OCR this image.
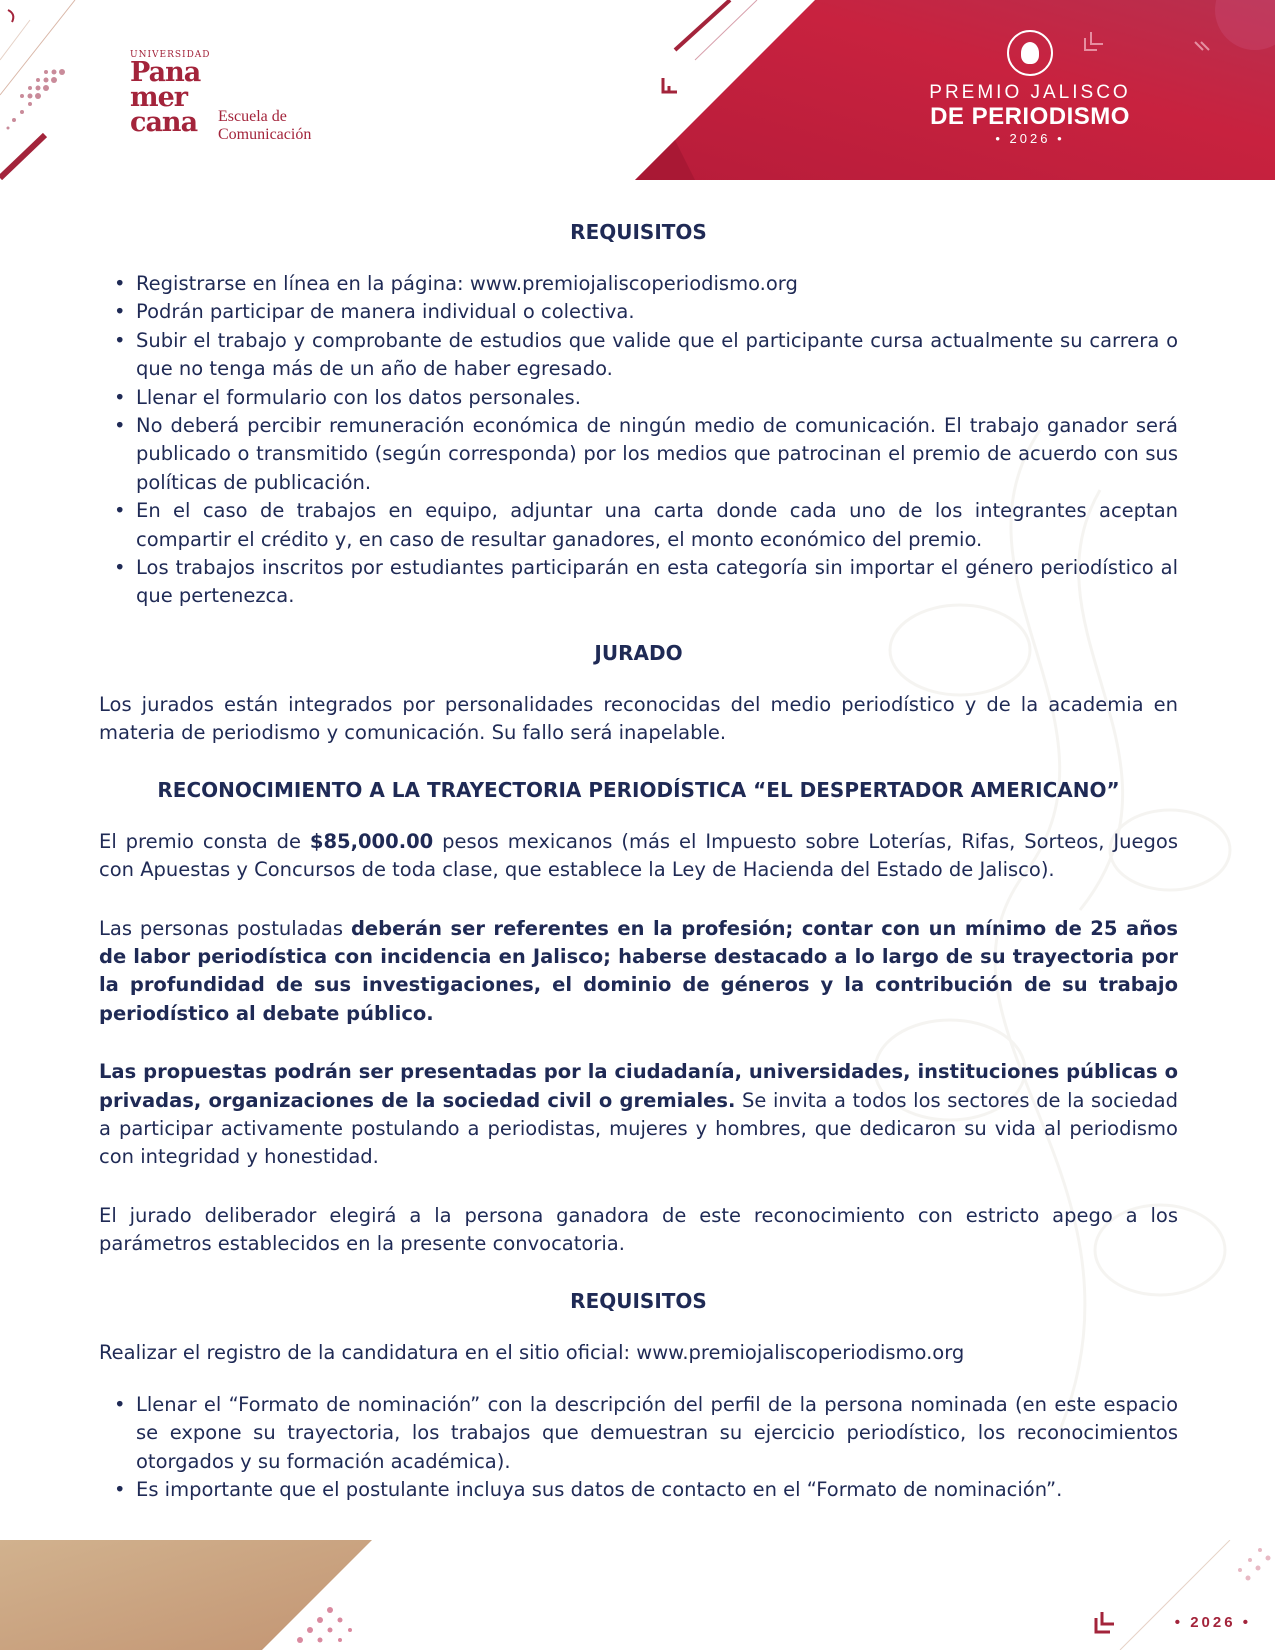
UNIVERSIDAD
Pana
mer
cana Escuela de
Comunicación
PREMIO JALISCO
DE PERIODISMO
• 2026 •
REQUISITOS
• Registrarse en línea en la página: www.premiojaliscoperiodismo.org
• Podrán participar de manera individual o colectiva.
• Subir el trabajo y comprobante de estudios que valide que el participante cursa actualmente su carrera o que no tenga más de un año de haber egresado.
• Llenar el formulario con los datos personales.
• No deberá percibir remuneración económica de ningún medio de comunicación. El trabajo ganador será publicado o transmitido (según corresponda) por los medios que patrocinan el premio de acuerdo con sus políticas de publicación.
• En el caso de trabajos en equipo, adjuntar una carta donde cada uno de los integrantes aceptan compartir el crédito y, en caso de resultar ganadores, el monto económico del premio.
• Los trabajos inscritos por estudiantes participarán en esta categoría sin importar el género periodístico al que pertenezca.
JURADO

Los jurados están integrados por personalidades reconocidas del medio periodístico y de la academia en materia de periodismo y comunicación. Su fallo será inapelable.

RECONOCIMIENTO A LA TRAYECTORIA PERIODÍSTICA “EL DESPERTADOR AMERICANO”

El premio consta de $85,000.00 pesos mexicanos (más el Impuesto sobre Loterías, Rifas, Sorteos, Juegos con Apuestas y Concursos de toda clase, que establece la Ley de Hacienda del Estado de Jalisco).

Las personas postuladas deberán ser referentes en la profesión; contar con un mínimo de 25 años de labor periodística con incidencia en Jalisco; haberse destacado a lo largo de su trayectoria por la profundidad de sus investigaciones, el dominio de géneros y la contribución de su trabajo periodístico al debate público.

Las propuestas podrán ser presentadas por la ciudadanía, universidades, instituciones públicas o privadas, organizaciones de la sociedad civil o gremiales. Se invita a todos los sectores de la sociedad a participar activamente postulando a periodistas, mujeres y hombres, que dedicaron su vida al periodismo con integridad y honestidad.

El jurado deliberador elegirá a la persona ganadora de este reconocimiento con estricto apego a los parámetros establecidos en la presente convocatoria.

REQUISITOS

Realizar el registro de la candidatura en el sitio oficial: www.premiojaliscoperiodismo.org

• Llenar el “Formato de nominación” con la descripción del perfil de la persona nominada (en este espacio se expone su trayectoria, los trabajos que demuestran su ejercicio periodístico, los reconocimientos otorgados y su formación académica).
• Es importante que el postulante incluya sus datos de contacto en el “Formato de nominación”.
• 2026 •
